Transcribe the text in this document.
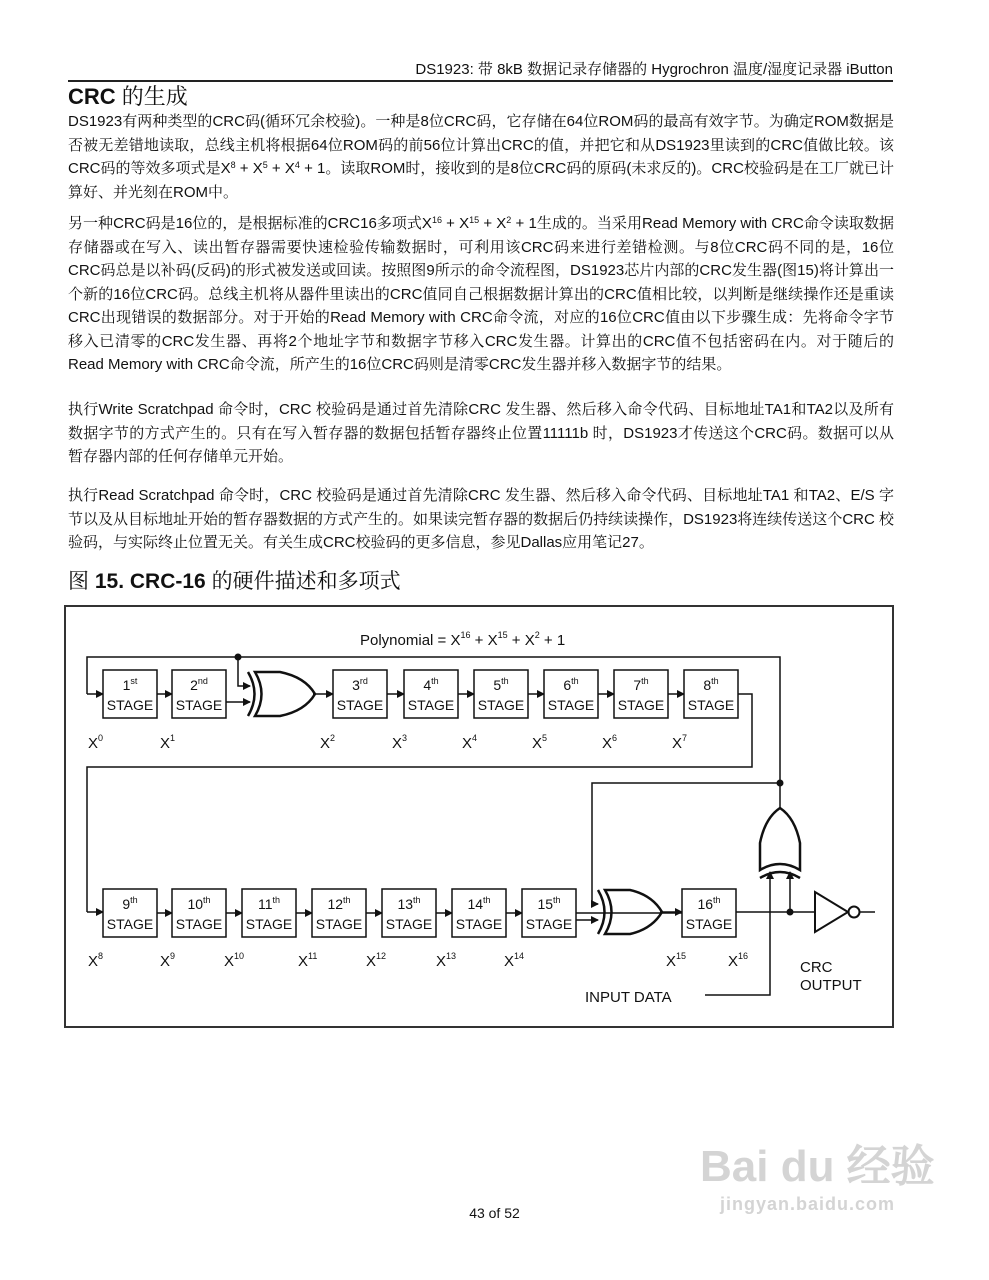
DS1923: 带 8kB 数据记录存储器的 Hygrochron 温度/湿度记录器 iButton
CRC 的生成
DS1923有两种类型的CRC码(循环冗余校验)。一种是8位CRC码，它存储在64位ROM码的最高有效字节。为确定ROM数据是否被无差错地读取，总线主机将根据64位ROM码的前56位计算出CRC的值，并把它和从DS1923里读到的CRC值做比较。该CRC码的等效多项式是$X^8 + X^5 + X^4 + 1$。读取ROM时，接收到的是8位CRC码的原码(未求反的)。CRC校验码是在工厂就已计算好、并光刻在ROM中。
另一种CRC码是16位的，是根据标准的CRC16多项式$X^{16} + X^{15} + X^2 + 1$生成的。当采用Read Memory with CRC命令读取数据存储器或在写入、读出暂存器需要快速检验传输数据时，可利用该CRC码来进行差错检测。与8位CRC码不同的是，16位CRC码总是以补码(反码)的形式被发送或回读。按照图9所示的命令流程图，DS1923芯片内部的CRC发生器(图15)将计算出一个新的16位CRC码。总线主机将从器件里读出的CRC值同自己根据数据计算出的CRC值相比较，以判断是继续操作还是重读CRC出现错误的数据部分。对于开始的Read Memory with CRC命令流，对应的16位CRC值由以下步骤生成：先将命令字节移入已清零的CRC发生器、再将2个地址字节和数据字节移入CRC发生器。计算出的CRC值不包括密码在内。对于随后的Read Memory with CRC命令流，所产生的16位CRC码则是清零CRC发生器并移入数据字节的结果。
执行Write Scratchpad 命令时，CRC 校验码是通过首先清除CRC 发生器、然后移入命令代码、目标地址TA1和TA2以及所有数据字节的方式产生的。只有在写入暂存器的数据包括暂存器终止位置11111b 时，DS1923才传送这个CRC码。数据可以从暂存器内部的任何存储单元开始。
执行Read Scratchpad 命令时，CRC 校验码是通过首先清除CRC 发生器、然后移入命令代码、目标地址TA1 和TA2、E/S 字节以及从目标地址开始的暂存器数据的方式产生的。如果读完暂存器的数据后仍持续读操作，DS1923将连续传送这个CRC 校验码，与实际终止位置无关。有关生成CRC校验码的更多信息，参见Dallas应用笔记27。
图 15. CRC-16 的硬件描述和多项式
Polynomial = $X^{16} + X^{15} + X^2 + 1$
1st
STAGE
2nd
STAGE
3rd
STAGE
4th
STAGE
5th
STAGE
6th
STAGE
7th
STAGE
8th
STAGE
9th
STAGE
10th
STAGE
11th
STAGE
12th
STAGE
13th
STAGE
14th
STAGE
15th
STAGE
16th
STAGE
$X^0$	$X^1$	$X^2$	$X^3$	$X^4$	$X^5$	$X^6$	$X^7$
$X^8$	$X^9$	$X^{10}$	$X^{11}$	$X^{12}$	$X^{13}$	$X^{14}$	$X^{15}$	$X^{16}$
INPUT DATA
CRC
OUTPUT
43 of 52
Bai du 经验
jingyan.baidu.com
